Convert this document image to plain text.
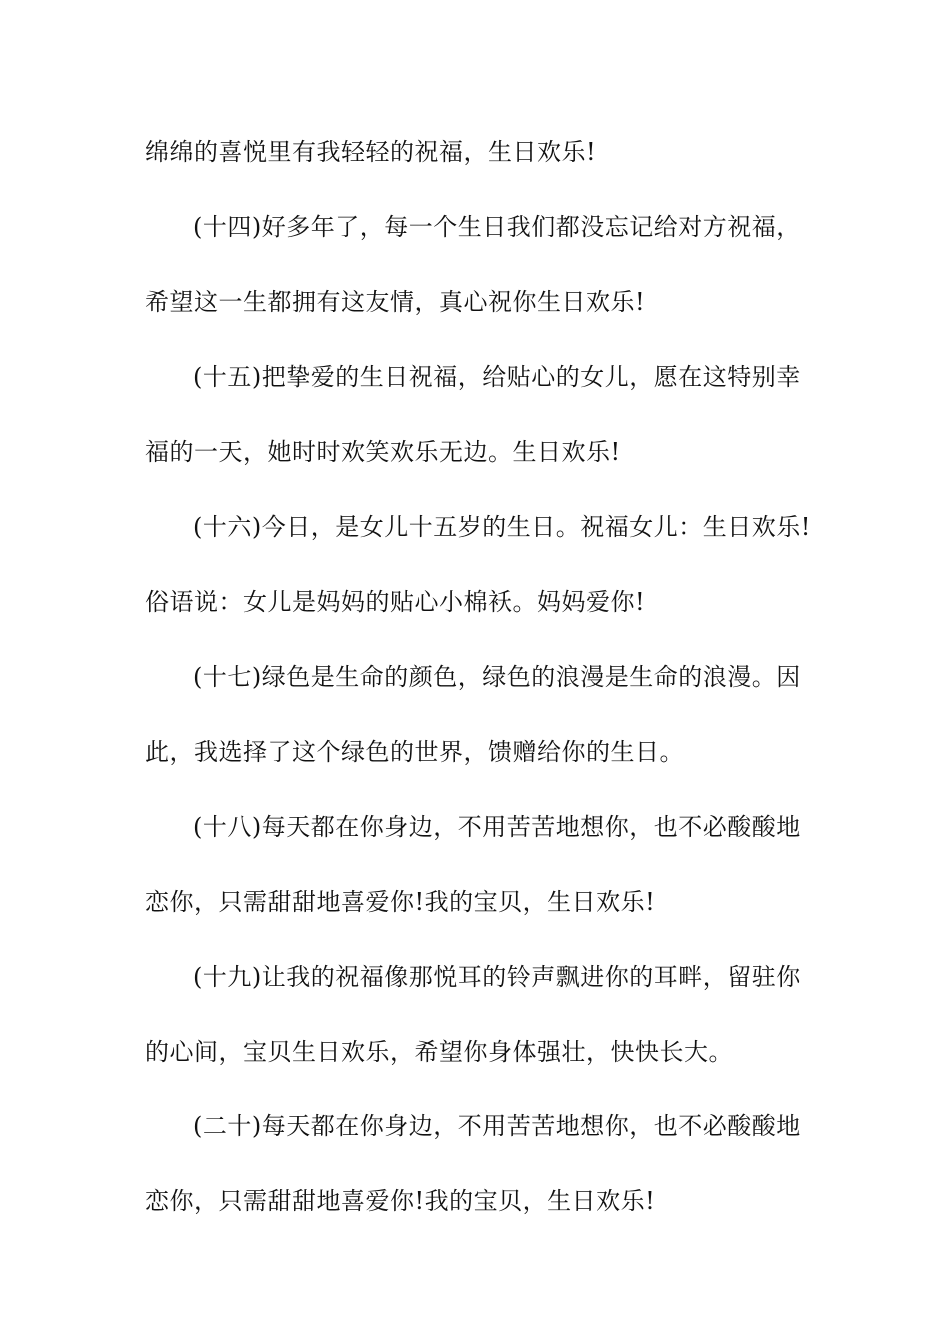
绵绵的喜悦里有我轻轻的祝福，生日欢乐!
(十四)好多年了，每一个生日我们都没忘记给对方祝福，
希望这一生都拥有这友情，真心祝你生日欢乐!
(十五)把挚爱的生日祝福，给贴心的女儿，愿在这特别幸
福的一天，她时时欢笑欢乐无边。生日欢乐!
(十六)今日，是女儿十五岁的生日。祝福女儿：生日欢乐!
俗语说：女儿是妈妈的贴心小棉袄。妈妈爱你!
(十七)绿色是生命的颜色，绿色的浪漫是生命的浪漫。因
此，我选择了这个绿色的世界，馈赠给你的生日。
(十八)每天都在你身边，不用苦苦地想你，也不必酸酸地
恋你，只需甜甜地喜爱你!我的宝贝，生日欢乐!
(十九)让我的祝福像那悦耳的铃声飘进你的耳畔，留驻你
的心间，宝贝生日欢乐，希望你身体强壮，快快长大。
(二十)每天都在你身边，不用苦苦地想你，也不必酸酸地
恋你，只需甜甜地喜爱你!我的宝贝，生日欢乐!
